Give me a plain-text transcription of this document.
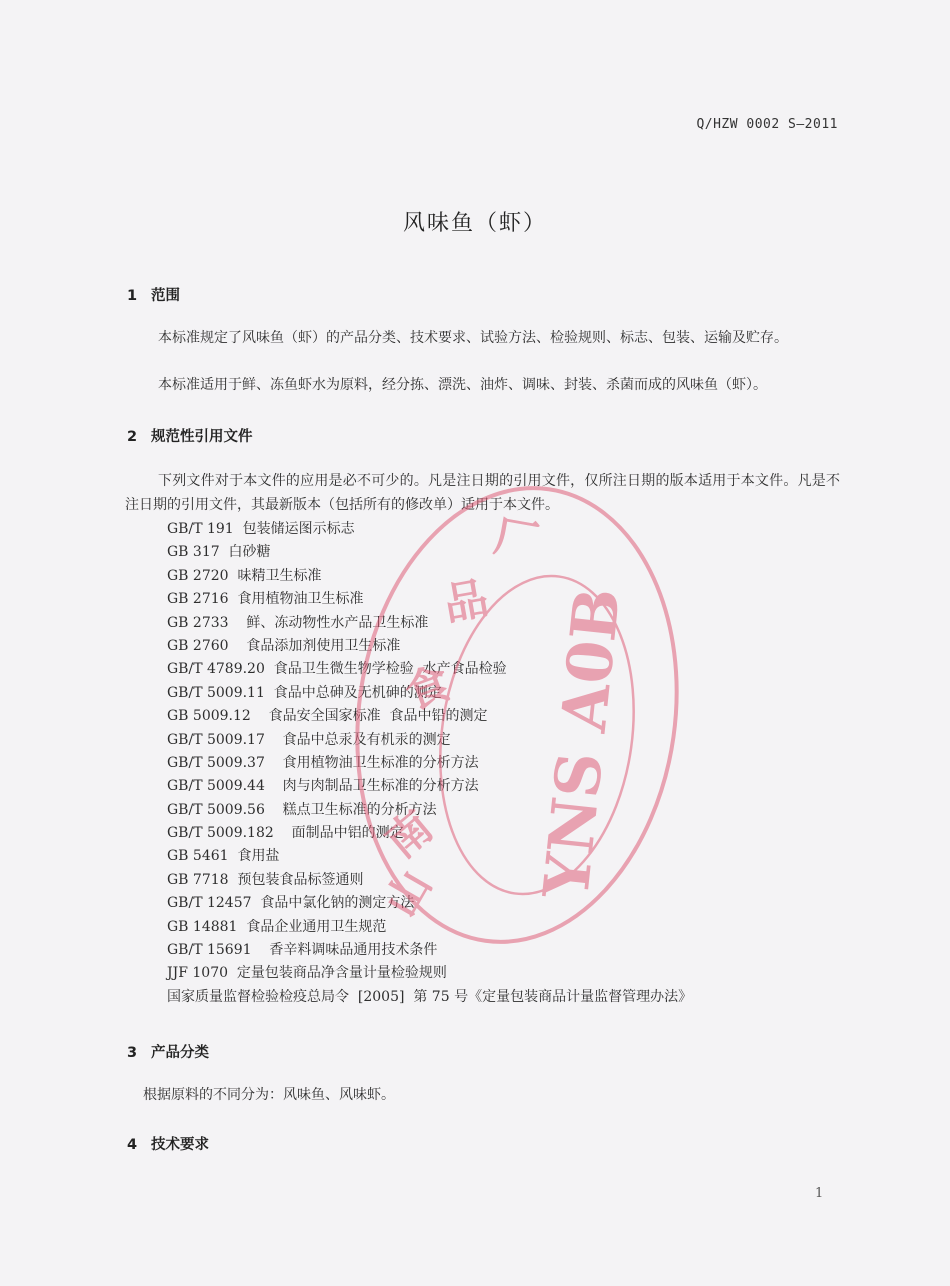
Q/HZW 0002 S—2011
风味鱼（虾）
1 范围

本标准规定了风味鱼（虾）的产品分类、技术要求、试验方法、检验规则、标志、包装、运输及贮存。

本标准适用于鲜、冻鱼虾水为原料，经分拣、漂洗、油炸、调味、封装、杀菌而成的风味鱼（虾）。

2 规范性引用文件

下列文件对于本文件的应用是必不可少的。凡是注日期的引用文件，仅所注日期的版本适用于本文件。凡是不注日期的引用文件，其最新版本（包括所有的修改单）适用于本文件。

GB/T 191  包装储运图示标志
GB 317  白砂糖
GB 2720  味精卫生标准
GB 2716  食用植物油卫生标准
GB 2733    鲜、冻动物性水产品卫生标准
GB 2760    食品添加剂使用卫生标准
GB/T 4789.20  食品卫生微生物学检验  水产食品检验
GB/T 5009.11  食品中总砷及无机砷的测定
GB 5009.12    食品安全国家标准  食品中铅的测定
GB/T 5009.17    食品中总汞及有机汞的测定
GB/T 5009.37    食用植物油卫生标准的分析方法
GB/T 5009.44    肉与肉制品卫生标准的分析方法
GB/T 5009.56    糕点卫生标准的分析方法
GB/T 5009.182    面制品中铝的测定
GB 5461  食用盐
GB 7718  预包装食品标签通则
GB/T 12457  食品中氯化钠的测定方法
GB 14881  食品企业通用卫生规范
GB/T 15691    香辛料调味品通用技术条件
JJF 1070  定量包装商品净含量计量检验规则
国家质量监督检验检疫总局令  [2005]  第 75 号《定量包装商品计量监督管理办法》
3 产品分类

根据原料的不同分为：风味鱼、风味虾。

4 技术要求
1
YNS A0B
山
南
食
品
厂
